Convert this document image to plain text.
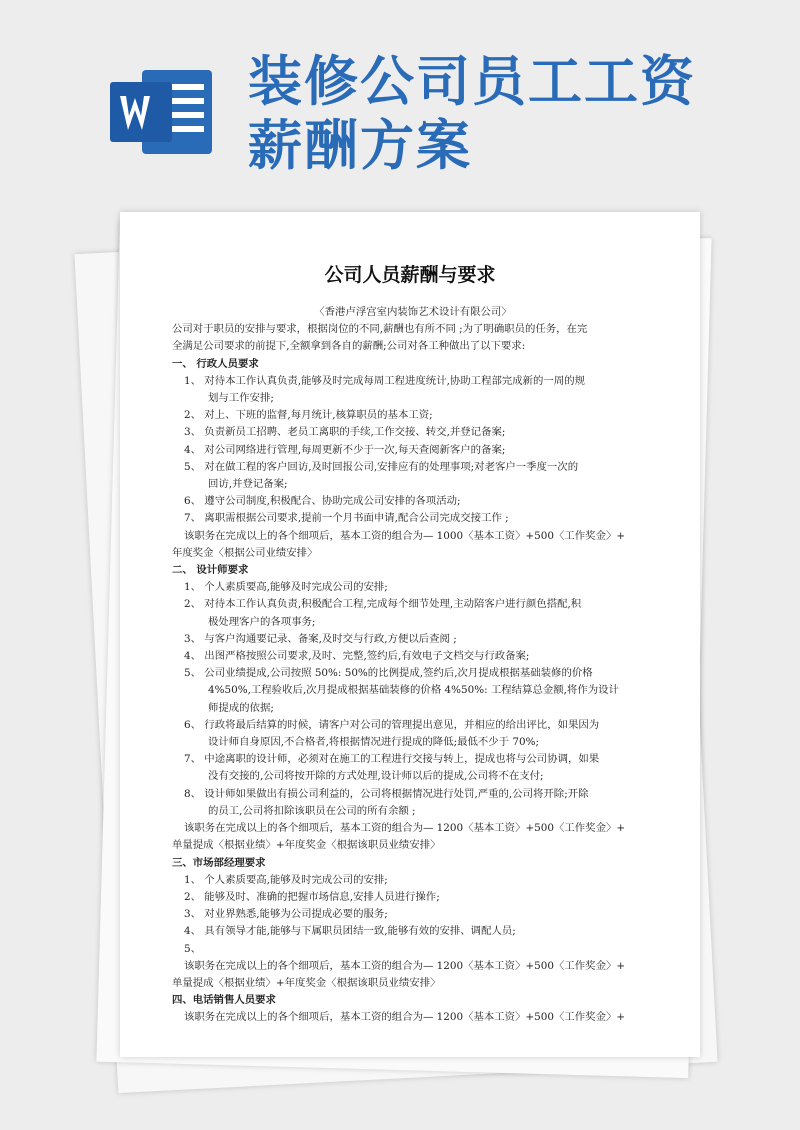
装修公司员工工资
薪酬方案
公司人员薪酬与要求
〈香港卢浮宫室内装饰艺术设计有限公司〉
公司对于职员的安排与要求，根据岗位的不同,薪酬也有所不同 ;为了明确职员的任务，在完
全满足公司要求的前提下,全额拿到各自的薪酬;公司对各工种做出了以下要求:
一、 行政人员要求
1、 对待本工作认真负责,能够及时完成每周工程进度统计,协助工程部完成新的一周的规
划与工作安排;
2、 对上、下班的监督,每月统计,核算职员的基本工资;
3、 负责新员工招聘、老员工离职的手续,工作交接、转交,并登记备案;
4、 对公司网络进行管理,每周更新不少于一次,每天查阅新客户的备案;
5、 对在做工程的客户回访,及时回报公司,安排应有的处理事项;对老客户一季度一次的
回访,并登记备案;
6、 遵守公司制度,积极配合、协助完成公司安排的各项活动;
7、 离职需根据公司要求,提前一个月书面申请,配合公司完成交接工作 ;
该职务在完成以上的各个细项后，基本工资的组合为— 1000〈基本工资〉+500〈工作奖金〉+
年度奖金〈根据公司业绩安排〉
二、 设计师要求
1、 个人素质要高,能够及时完成公司的安排;
2、 对待本工作认真负责,积极配合工程,完成每个细节处理,主动陪客户进行颜色搭配,积
极处理客户的各项事务;
3、 与客户沟通要记录、备案,及时交与行政,方便以后查阅 ;
4、 出图严格按照公司要求,及时、完整,签约后,有效电子文档交与行政备案;
5、 公司业绩提成,公司按照 50%: 50%的比例提成,签约后,次月提成根据基础装修的价格
4%50%,工程验收后,次月提成根据基础装修的价格 4%50%: 工程结算总金额,将作为设计
师提成的依据;
6、 行政将最后结算的时候，请客户对公司的管理提出意见，并相应的给出评比，如果因为
设计师自身原因,不合格者,将根据情况进行提成的降低;最低不少于 70%;
7、 中途离职的设计师，必须对在施工的工程进行交接与转上，提成也将与公司协调，如果
没有交接的,公司将按开除的方式处理,设计师以后的提成,公司将不在支付;
8、 设计师如果做出有损公司利益的，公司将根据情况进行处罚,严重的,公司将开除;开除
的员工,公司将扣除该职员在公司的所有余额 ;
该职务在完成以上的各个细项后，基本工资的组合为— 1200〈基本工资〉+500〈工作奖金〉+
单量提成〈根据业绩〉+年度奖金〈根据该职员业绩安排〉
三、市场部经理要求
1、 个人素质要高,能够及时完成公司的安排;
2、 能够及时、准确的把握市场信息,安排人员进行操作;
3、 对业界熟悉,能够为公司提成必要的服务;
4、 具有领导才能,能够与下属职员团结一致,能够有效的安排、调配人员;
5、
该职务在完成以上的各个细项后，基本工资的组合为— 1200〈基本工资〉+500〈工作奖金〉+
单量提成〈根据业绩〉+年度奖金〈根据该职员业绩安排〉
四、电话销售人员要求
该职务在完成以上的各个细项后，基本工资的组合为— 1200〈基本工资〉+500〈工作奖金〉+
